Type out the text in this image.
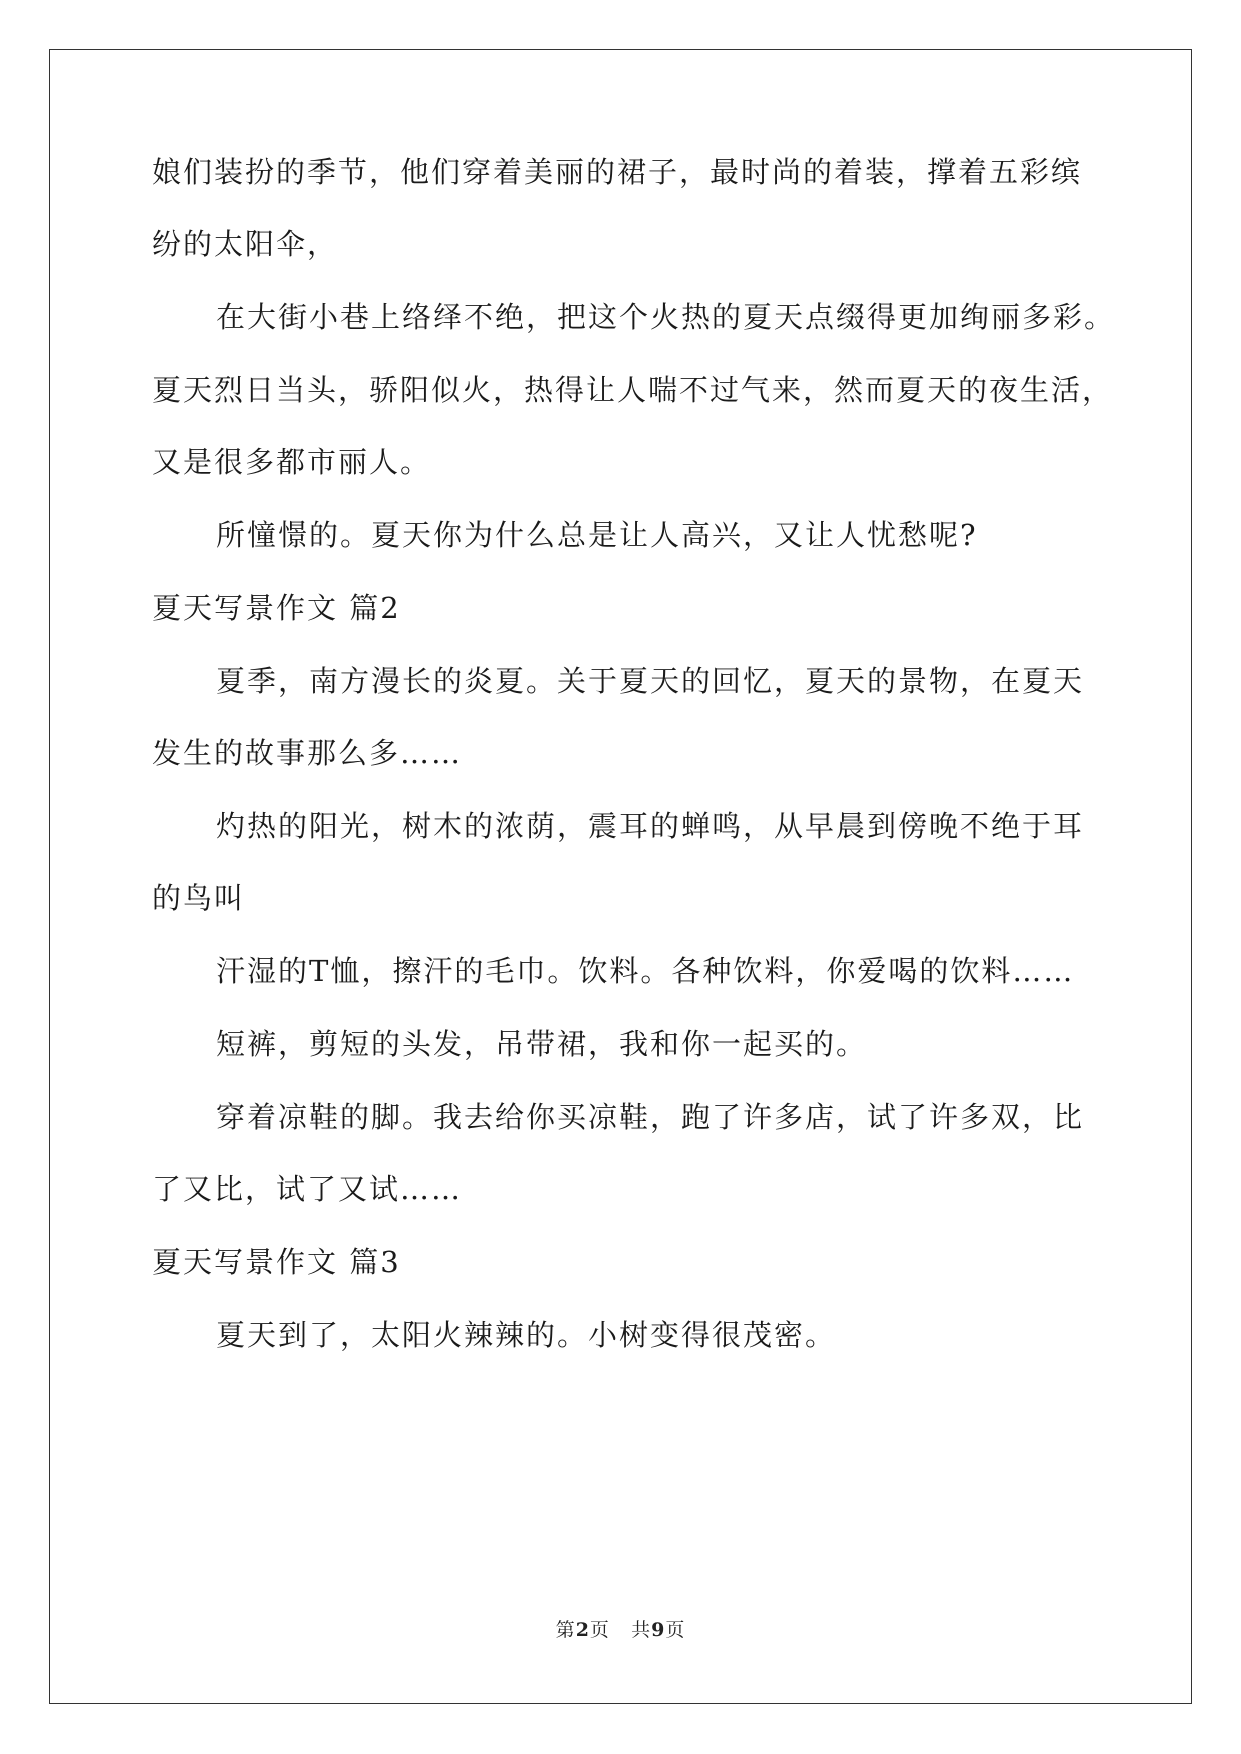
娘们装扮的季节，他们穿着美丽的裙子，最时尚的着装，撑着五彩缤
纷的太阳伞，
在大街小巷上络绎不绝，把这个火热的夏天点缀得更加绚丽多彩。
夏天烈日当头，骄阳似火，热得让人喘不过气来，然而夏天的夜生活，
又是很多都市丽人。
所憧憬的。夏天你为什么总是让人高兴，又让人忧愁呢?
夏天写景作文 篇2
夏季，南方漫长的炎夏。关于夏天的回忆，夏天的景物，在夏天
发生的故事那么多……
灼热的阳光，树木的浓荫，震耳的蝉鸣，从早晨到傍晚不绝于耳
的鸟叫
汗湿的T恤，擦汗的毛巾。饮料。各种饮料，你爱喝的饮料……
短裤，剪短的头发，吊带裙，我和你一起买的。
穿着凉鞋的脚。我去给你买凉鞋，跑了许多店，试了许多双，比
了又比，试了又试……
夏天写景作文 篇3
夏天到了，太阳火辣辣的。小树变得很茂密。
第2页 共9页
